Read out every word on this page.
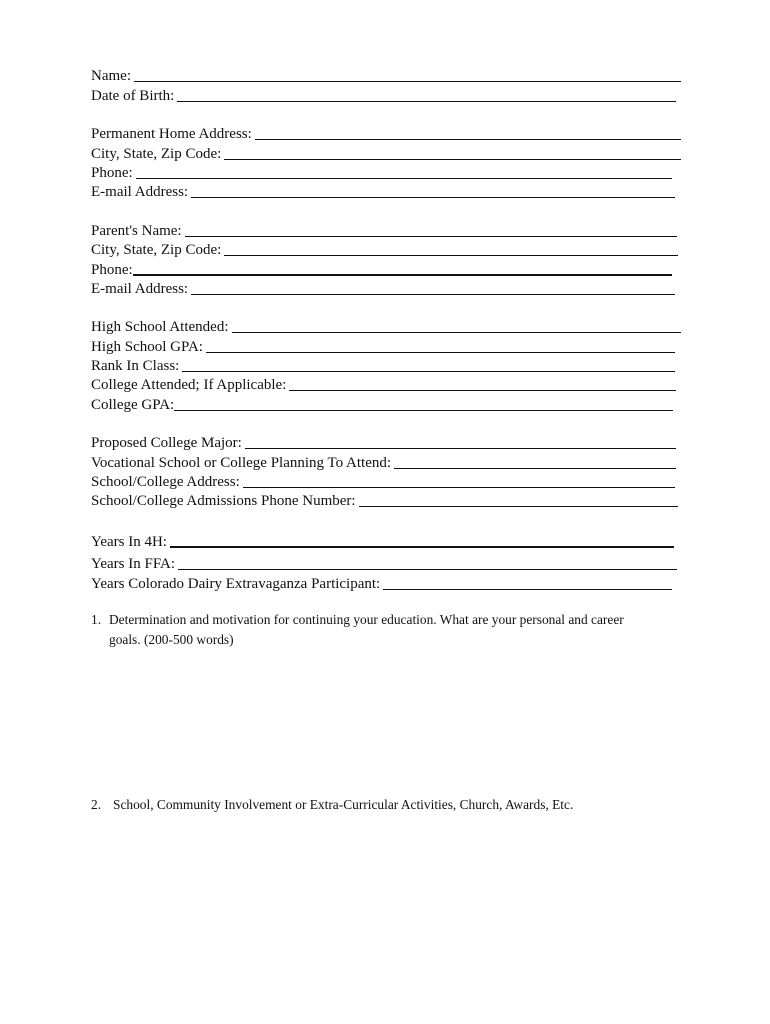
Name:
Date of Birth:
Permanent Home Address:
City, State, Zip Code:
Phone:
E-mail Address:
Parent's Name:
City, State, Zip Code:
Phone:
E-mail Address:
High School Attended:
High School GPA:
Rank In Class:
College Attended; If Applicable:
College GPA:
Proposed College Major:
Vocational School or College Planning To Attend:
School/College Address:
School/College Admissions Phone Number:
Years In 4H:
Years In FFA:
Years Colorado Dairy Extravaganza Participant:
1. Determination and motivation for continuing your education. What are your personal and career goals. (200-500 words)
2. School, Community Involvement or Extra-Curricular Activities, Church, Awards, Etc.
